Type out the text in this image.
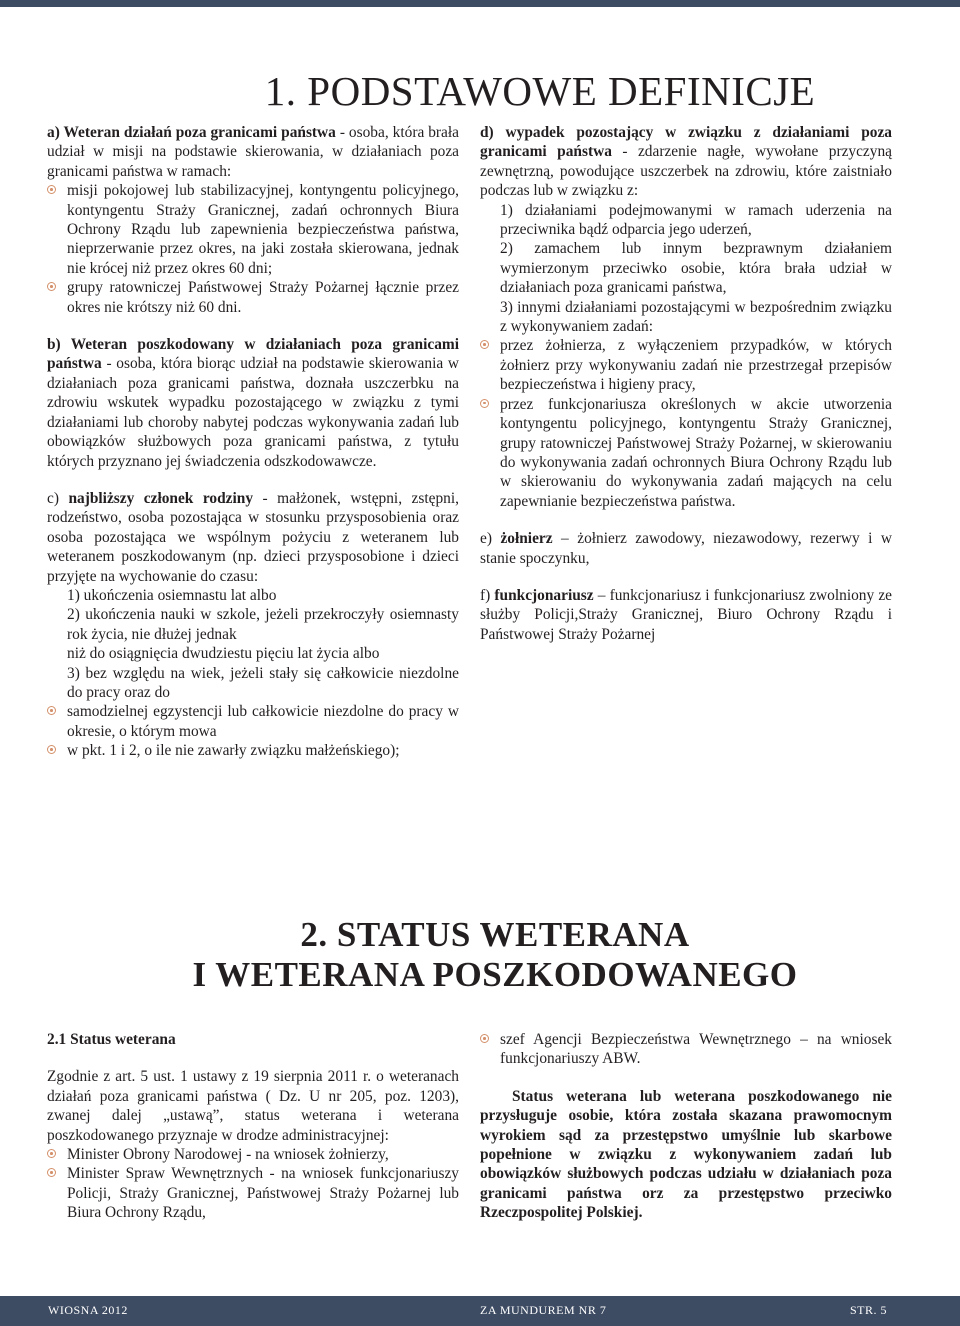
1. PODSTAWOWE DEFINICJE

a) Weteran działań poza granicami państwa - osoba, która brała udział w misji na podstawie skierowania, w działaniach poza granicami państwa w ramach:

misji pokojowej lub stabilizacyjnej, kontyngentu policyjnego, kontyngentu Straży Granicznej, zadań ochronnych Biura Ochrony Rządu lub zapewnienia bezpieczeństwa państwa, nieprzerwanie przez okres, na jaki została skierowana, jednak nie krócej niż przez okres 60 dni;

grupy ratowniczej Państwowej Straży Pożarnej łącznie przez okres nie krótszy niż 60 dni.

b) Weteran poszkodowany w działaniach poza granicami państwa - osoba, która biorąc udział na podstawie skierowania w działaniach poza granicami państwa, doznała uszczerbku na zdrowiu wskutek wypadku pozostającego w związku z tymi działaniami lub choroby nabytej podczas wykonywania zadań lub obowiązków służbowych poza granicami państwa, z tytułu których przyznano jej świadczenia odszkodowawcze.

c) najbliższy członek rodziny - małżonek, wstępni, zstępni, rodzeństwo, osoba pozostająca w stosunku przysposobienia oraz osoba pozostająca we wspólnym pożyciu z weteranem lub weteranem poszkodowanym (np. dzieci przysposobione i dzieci przyjęte na wychowanie do czasu:

1) ukończenia osiemnastu lat albo

2) ukończenia nauki w szkole, jeżeli przekroczyły osiemnasty rok życia, nie dłużej jednak

niż do osiągnięcia dwudziestu pięciu lat życia albo

3) bez względu na wiek, jeżeli stały się całkowicie niezdolne do pracy oraz do

samodzielnej egzystencji lub całkowicie niezdolne do pracy w okresie, o którym mowa

w pkt. 1 i 2, o ile nie zawarły związku małżeńskiego);

d) wypadek pozostający w związku z działaniami poza granicami państwa - zdarzenie nagłe, wywołane przyczyną zewnętrzną, powodujące uszczerbek na zdrowiu, które zaistniało podczas lub w związku z:

1) działaniami podejmowanymi w ramach uderzenia na przeciwnika bądź odparcia jego uderzeń,

2) zamachem lub innym bezprawnym działaniem wymierzonym przeciwko osobie, która brała udział w działaniach poza granicami państwa,

3) innymi działaniami pozostającymi w bezpośrednim związku z wykonywaniem zadań:

przez żołnierza, z wyłączeniem przypadków, w których żołnierz przy wykonywaniu zadań nie przestrzegał przepisów bezpieczeństwa i higieny pracy,

przez funkcjonariusza określonych w akcie utworzenia kontyngentu policyjnego, kontyngentu Straży Granicznej, grupy ratowniczej Państwowej Straży Pożarnej, w skierowaniu do wykonywania zadań ochronnych Biura Ochrony Rządu lub w skierowaniu do wykonywania zadań mających na celu zapewnianie bezpieczeństwa państwa.

e) żołnierz – żołnierz zawodowy, niezawodowy, rezerwy i w stanie spoczynku,

f) funkcjonariusz – funkcjonariusz i funkcjonariusz zwolniony ze służby Policji,Straży Granicznej, Biuro Ochrony Rządu i Państwowej Straży Pożarnej

2. STATUS WETERANA
I WETERANA POSZKODOWANEGO

2.1 Status weterana

Zgodnie z art. 5 ust. 1 ustawy z 19 sierpnia 2011 r. o weteranach działań poza granicami państwa ( Dz. U nr 205, poz. 1203), zwanej dalej „ustawą”, status weterana i weterana poszkodowanego przyznaje w drodze administracyjnej:

Minister Obrony Narodowej - na wniosek żołnierzy,

Minister Spraw Wewnętrznych - na wniosek funkcjonariuszy Policji, Straży Granicznej, Państwowej Straży Pożarnej lub Biura Ochrony Rządu,

szef Agencji Bezpieczeństwa Wewnętrznego – na wniosek funkcjonariuszy ABW.

Status weterana lub weterana poszkodowanego nie przysługuje osobie, która została skazana prawomocnym wyrokiem sąd za przestępstwo umyślnie lub skarbowe popełnione w związku z wykonywaniem zadań lub obowiązków służbowych podczas udziału w działaniach poza granicami państwa orz za przestępstwo przeciwko Rzeczpospolitej Polskiej.

WIOSNA 2012	ZA MUNDUREM NR 7	STR. 5
